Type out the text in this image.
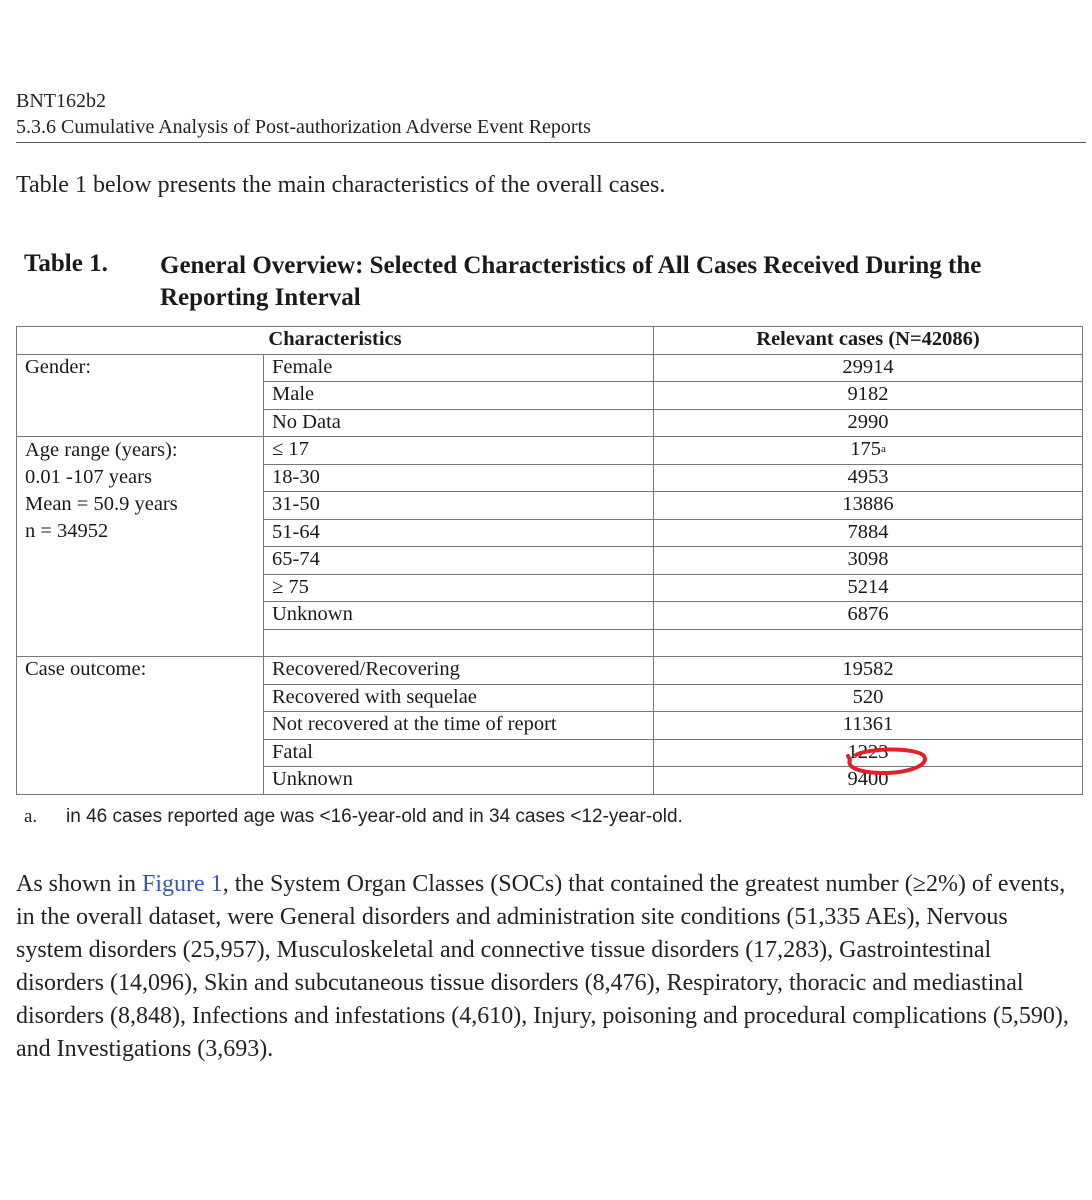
BNT162b2
5.3.6 Cumulative Analysis of Post-authorization Adverse Event Reports
Table 1 below presents the main characteristics of the overall cases.
Table 1. General Overview: Selected Characteristics of All Cases Received During the Reporting Interval
Characteristics		Relevant cases (N=42086)
Gender:	Female	29914
	Male	9182
	No Data	2990

Age range (years):
0.01 -107 years
Mean = 50.9 years
n = 34952	≤ 17	175$^a$
	18-30	4953
	31-50	13886
	51-64	7884
	65-74	3098
	≥ 75	5214
	Unknown	6876

Case outcome:	Recovered/Recovering	19582
	Recovered with sequelae	520
	Not recovered at the time of report	11361
	Fatal	1223
	Unknown	9400
a. in 46 cases reported age was <16-year-old and in 34 cases <12-year-old.
As shown in Figure 1, the System Organ Classes (SOCs) that contained the greatest number (≥2%) of events, in the overall dataset, were General disorders and administration site conditions (51,335 AEs), Nervous system disorders (25,957), Musculoskeletal and connective tissue disorders (17,283), Gastrointestinal disorders (14,096), Skin and subcutaneous tissue disorders (8,476), Respiratory, thoracic and mediastinal disorders (8,848), Infections and infestations (4,610), Injury, poisoning and procedural complications (5,590), and Investigations (3,693).
